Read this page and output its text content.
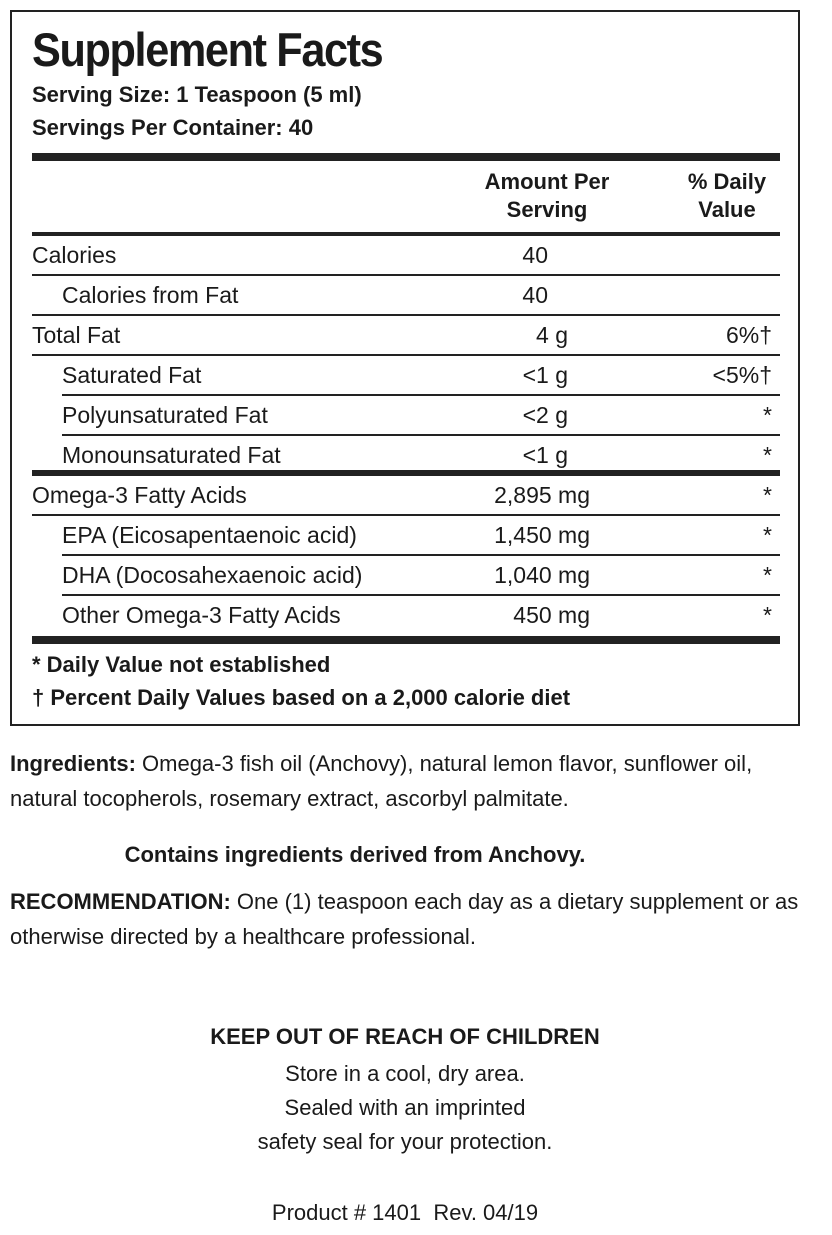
Supplement Facts
Serving Size: 1 Teaspoon (5 ml)
Servings Per Container: 40
Amount Per
Serving
% Daily
Value
Calories	40
Calories from Fat	40
Total Fat	4 g	6%†
Saturated Fat	<1 g	<5%†
Polyunsaturated Fat	<2 g	*
Monounsaturated Fat	<1 g	*
Omega-3 Fatty Acids	2,895 mg	*
EPA (Eicosapentaenoic acid)	1,450 mg	*
DHA (Docosahexaenoic acid)	1,040 mg	*
Other Omega-3 Fatty Acids	450 mg	*
* Daily Value not established
† Percent Daily Values based on a 2,000 calorie diet
Ingredients: Omega-3 fish oil (Anchovy), natural lemon flavor, sunflower oil, natural tocopherols, rosemary extract, ascorbyl palmitate.
Contains ingredients derived from Anchovy.
RECOMMENDATION: One (1) teaspoon each day as a dietary supplement or as otherwise directed by a healthcare professional.
KEEP OUT OF REACH OF CHILDREN
Store in a cool, dry area.
Sealed with an imprinted
safety seal for your protection.
Product # 1401  Rev. 04/19
